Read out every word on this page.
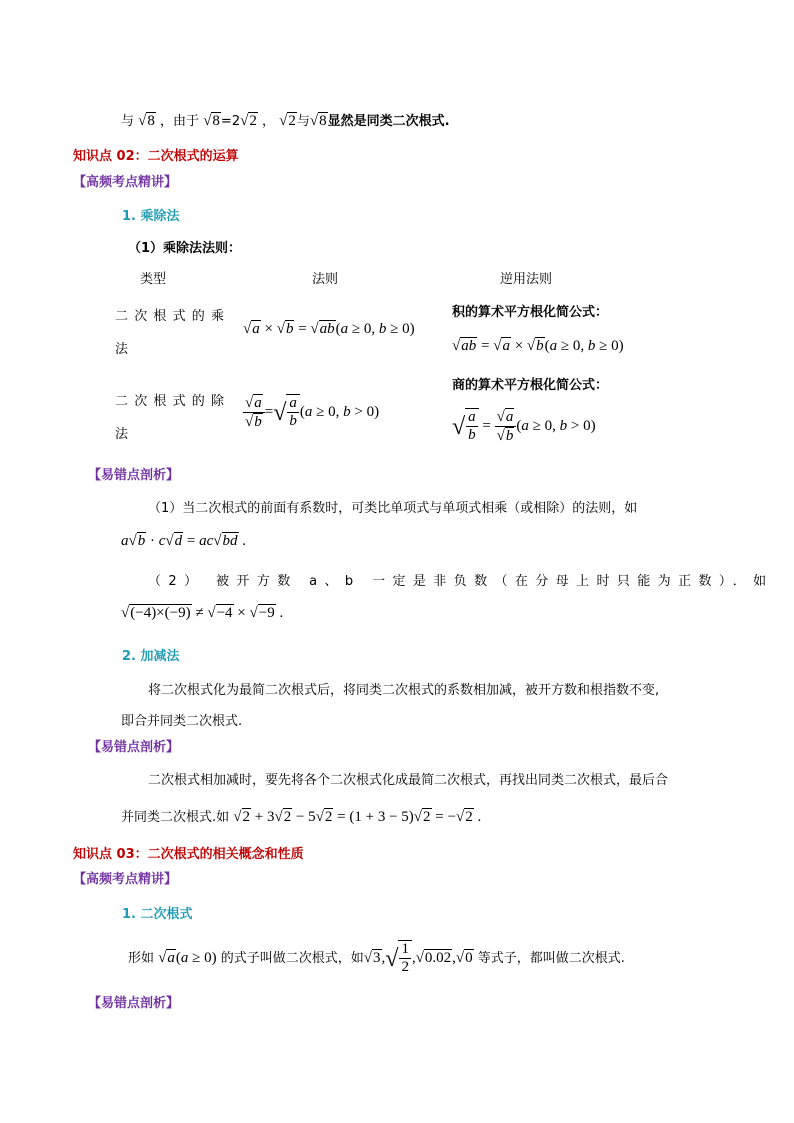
与 √8 ，由于 √8=2√2 ， √2与√8显然是同类二次根式.
知识点 02：二次根式的运算
【高频考点精讲】
1. 乘除法
（1）乘除法法则：
类型	法则	逆用法则
二次根式的乘
法
√a × √b = √ab(a ≥ 0, b ≥ 0)
积的算术平方根化简公式：
√ab = √a × √b(a ≥ 0, b ≥ 0)
二次根式的除
法
$\frac{√a}{√b}$ =√ $\frac{a}{b} (a \ge 0$, b > 0)
商的算术平方根化简公式：
√ $\frac{a}{b} = \frac{√a}{√b} (a \ge 0$, b > 0)
【易错点剖析】
（1）当二次根式的前面有系数时，可类比单项式与单项式相乘（或相除）的法则，如
a√b · c√d = ac√bd .
（2） 被开方数 a、b 一定是非负数（在分母上时只能为正数）．如
√(−4)×(−9) ≠ √−4 × √−9 .
2. 加减法
将二次根式化为最简二次根式后，将同类二次根式的系数相加减，被开方数和根指数不变,
即合并同类二次根式.
【易错点剖析】
二次根式相加减时，要先将各个二次根式化成最简二次根式，再找出同类二次根式，最后合
并同类二次根式.如 √2 + 3√2 − 5√2 = (1 + 3 − 5)√2 = −√2 .
知识点 03：二次根式的相关概念和性质
【高频考点精讲】
1. 二次根式
形如 √a(a ≥ 0) 的式子叫做二次根式，如$√3,√ \frac{1}{2} ,√0.02,√0$ 等式子，都叫做二次根式.
【易错点剖析】
